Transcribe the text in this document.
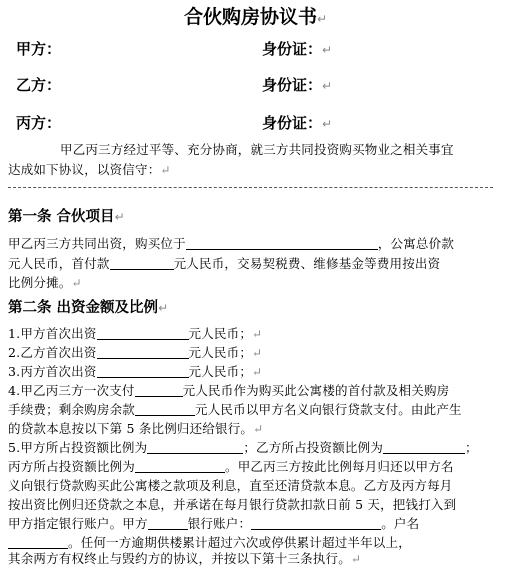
合伙购房协议书↵
甲方：	身份证：↵
乙方：	身份证：↵
丙方：	身份证：↵
甲乙丙三方经过平等、充分协商，就三方共同投资购买物业之相关事宜
达成如下协议，以资信守：↵
第一条 合伙项目↵
甲乙丙三方共同出资，购买位于	，公寓总价款
元人民币，首付款	元人民币，交易契税费、维修基金等费用按出资
比例分摊。↵
第二条 出资金额及比例↵
1.甲方首次出资	元人民币；↵
2.乙方首次出资	元人民币；↵
3.丙方首次出资	元人民币；↵
4.甲乙丙三方一次支付	元人民币作为购买此公寓楼的首付款及相关购房
手续费；剩余购房余款	元人民币以甲方名义向银行贷款支付。由此产生
的贷款本息按以下第 5 条比例归还给银行。↵
5.甲方所占投资额比例为	；乙方所占投资额比例为	；
丙方所占投资额比例为	。甲乙丙三方按此比例每月归还以甲方名
义向银行贷款购买此公寓楼之款项及利息，直至还清贷款本息。乙方及丙方每月
按出资比例归还贷款之本息，并承诺在每月银行贷款扣款日前 5 天，把钱打入到
甲方指定银行账户。甲方	银行账户：	。户名
。任何一方逾期供楼累计超过六次或停供累计超过半年以上，
其余两方有权终止与毁约方的协议，并按以下第十三条执行。↵
